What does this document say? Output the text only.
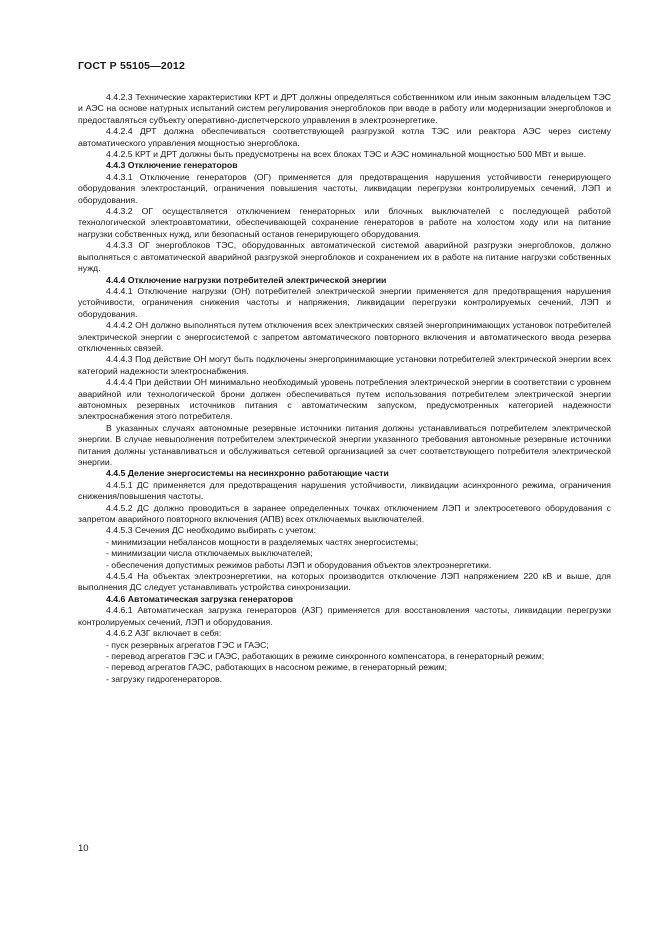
ГОСТ Р 55105—2012

4.4.2.3 Технические характеристики КРТ и ДРТ должны определяться собственником или иным законным владельцем ТЭС и АЭС на основе натурных испытаний систем регулирования энергоблоков при вводе в работу или модернизации энергоблоков и предоставляться субъекту оперативно-диспетчерского управления в электроэнергетике.

4.4.2.4 ДРТ должна обеспечиваться соответствующей разгрузкой котла ТЭС или реактора АЭС через систему автоматического управления мощностью энергоблока.

4.4.2.5 КРТ и ДРТ должны быть предусмотрены на всех блоках ТЭС и АЭС номинальной мощностью 500 МВт и выше.

4.4.3 Отключение генераторов

4.4.3.1 Отключение генераторов (ОГ) применяется для предотвращения нарушения устойчивости генерирующего оборудования электростанций, ограничения повышения частоты, ликвидации перегрузки контролируемых сечений, ЛЭП и оборудования.

4.4.3.2 ОГ осуществляется отключением генераторных или блочных выключателей с последующей работой технологической электроавтоматики, обеспечивающей сохранение генераторов в работе на холостом ходу или на питание нагрузки собственных нужд, или безопасный останов генерирующего оборудования.

4.4.3.3 ОГ энергоблоков ТЭС, оборудованных автоматической системой аварийной разгрузки энергоблоков, должно выполняться с автоматической аварийной разгрузкой энергоблоков и сохранением их в работе на питание нагрузки собственных нужд.

4.4.4 Отключение нагрузки потребителей электрической энергии

4.4.4.1 Отключение нагрузки (ОН) потребителей электрической энергии применяется для предотвращения нарушения устойчивости, ограничения снижения частоты и напряжения, ликвидации перегрузки контролируемых сечений, ЛЭП и оборудования.

4.4.4.2 ОН должно выполняться путем отключения всех электрических связей энергопринимающих установок потребителей электрической энергии с энергосистемой с запретом автоматического повторного включения и автоматического ввода резерва отключенных связей.

4.4.4.3 Под действие ОН могут быть подключены энергопринимающие установки потребителей электрической энергии всех категорий надежности электроснабжения.

4.4.4.4 При действии ОН минимально необходимый уровень потребления электрической энергии в соответствии с уровнем аварийной или технологической брони должен обеспечиваться путем использования потребителем электрической энергии автономных резервных источников питания с автоматическим запуском, предусмотренных категорией надежности электроснабжения этого потребителя.

В указанных случаях автономные резервные источники питания должны устанавливаться потребителем электрической энергии. В случае невыполнения потребителем электрической энергии указанного требования автономные резервные источники питания должны устанавливаться и обслуживаться сетевой организацией за счет соответствующего потребителя электрической энергии.

4.4.5 Деление энергосистемы на несинхронно работающие части

4.4.5.1 ДС применяется для предотвращения нарушения устойчивости, ликвидации асинхронного режима, ограничения снижения/повышения частоты.

4.4.5.2 ДС должно проводиться в заранее определенных точках отключением ЛЭП и электросетевого оборудования с запретом аварийного повторного включения (АПВ) всех отключаемых выключателей.

4.4.5.3 Сечения ДС необходимо выбирать с учетом:

- минимизации небалансов мощности в разделяемых частях энергосистемы;

- минимизации числа отключаемых выключателей;

- обеспечения допустимых режимов работы ЛЭП и оборудования объектов электроэнергетики.

4.4.5.4 На объектах электроэнергетики, на которых производится отключение ЛЭП напряжением 220 кВ и выше, для выполнения ДС следует устанавливать устройства синхронизации.

4.4.6 Автоматическая загрузка генераторов

4.4.6.1 Автоматическая загрузка генераторов (АЗГ) применяется для восстановления частоты, ликвидации перегрузки контролируемых сечений, ЛЭП и оборудования.

4.4.6.2 АЗГ включает в себя:

- пуск резервных агрегатов ГЭС и ГАЭС;

- перевод агрегатов ГЭС и ГАЭС, работающих в режиме синхронного компенсатора, в генераторный режим;

- перевод агрегатов ГАЭС, работающих в насосном режиме, в генераторный режим;

- загрузку гидрогенераторов.

10
